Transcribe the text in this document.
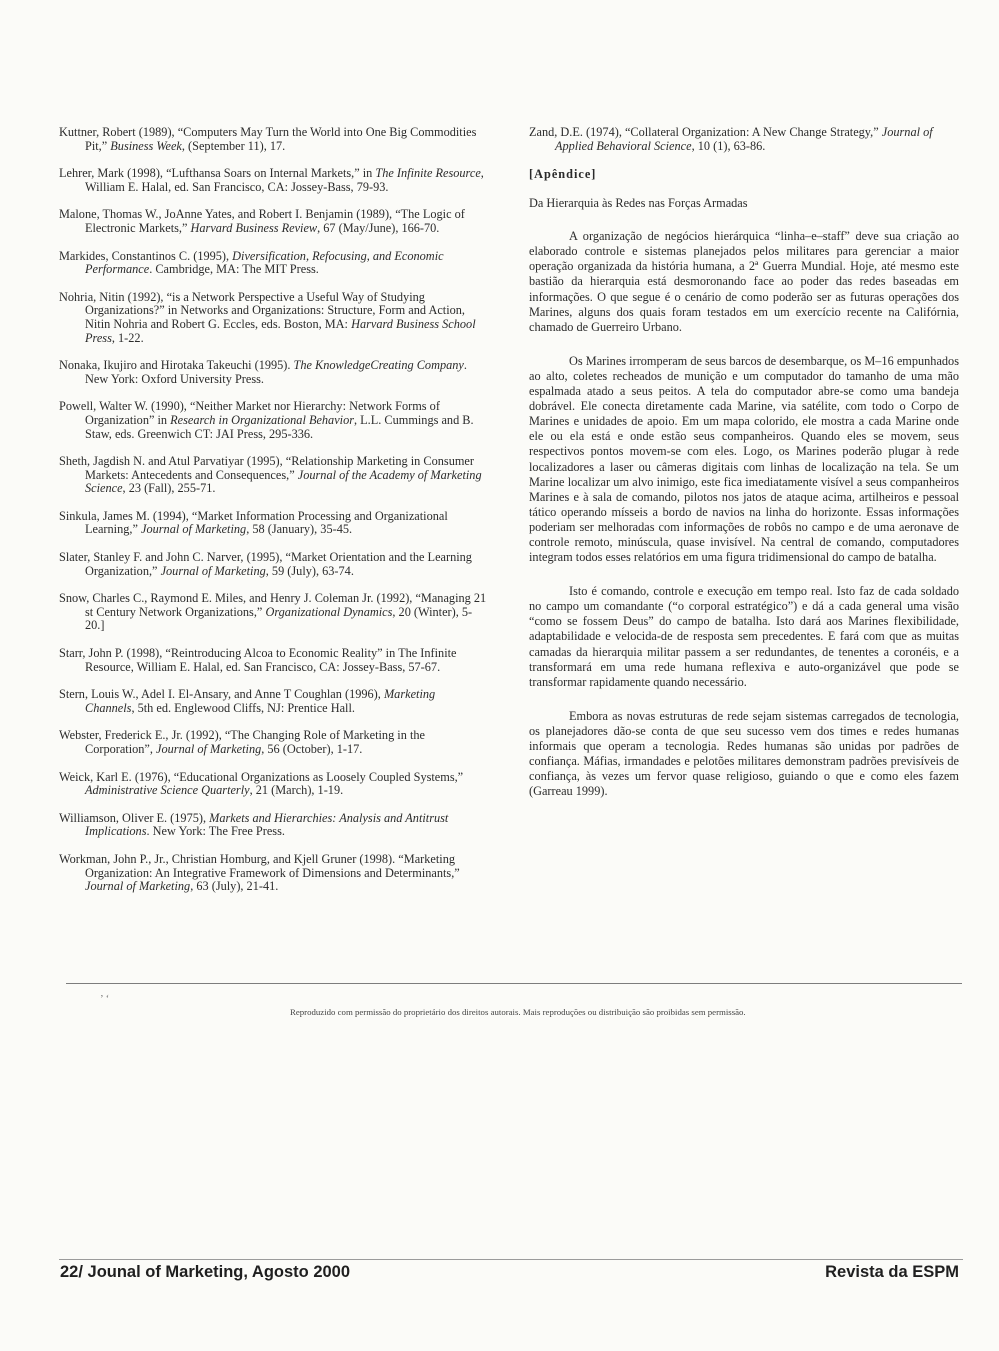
Kuttner, Robert (1989), “Computers May Turn the World into One Big Commodities Pit,” Business Week, (September 11), 17.
Lehrer, Mark (1998), “Lufthansa Soars on Internal Markets,” in The Infinite Resource, William E. Halal, ed. San Francisco, CA: Jossey-Bass, 79-93.
Malone, Thomas W., JoAnne Yates, and Robert I. Benjamin (1989), “The Logic of Electronic Markets,” Harvard Business Review, 67 (May/June), 166-70.
Markides, Constantinos C. (1995), Diversification, Refocusing, and Economic Performance. Cambridge, MA: The MIT Press.
Nohria, Nitin (1992), “is a Network Perspective a Useful Way of Studying Organizations?” in Networks and Organizations: Structure, Form and Action, Nitin Nohria and Robert G. Eccles, eds. Boston, MA: Harvard Business School Press, 1-22.
Nonaka, Ikujiro and Hirotaka Takeuchi (1995). The KnowledgeCreating Company. New York: Oxford University Press.
Powell, Walter W. (1990), “Neither Market nor Hierarchy: Network Forms of Organization” in Research in Organizational Behavior, L.L. Cummings and B. Staw, eds. Greenwich CT: JAI Press, 295-336.
Sheth, Jagdish N. and Atul Parvatiyar (1995), “Relationship Marketing in Consumer Markets: Antecedents and Consequences,” Journal of the Academy of Marketing Science, 23 (Fall), 255-71.
Sinkula, James M. (1994), “Market Information Processing and Organizational Learning,” Journal of Marketing, 58 (January), 35-45.
Slater, Stanley F. and John C. Narver, (1995), “Market Orientation and the Learning Organization,” Journal of Marketing, 59 (July), 63-74.
Snow, Charles C., Raymond E. Miles, and Henry J. Coleman Jr. (1992), “Managing 21 st Century Network Organizations,” Organizational Dynamics, 20 (Winter), 5-20.]
Starr, John P. (1998), “Reintroducing Alcoa to Economic Reality” in The Infinite Resource, William E. Halal, ed. San Francisco, CA: Jossey-Bass, 57-67.
Stern, Louis W., Adel I. El-Ansary, and Anne T Coughlan (1996), Marketing Channels, 5th ed. Englewood Cliffs, NJ: Prentice Hall.
Webster, Frederick E., Jr. (1992), “The Changing Role of Marketing in the Corporation”, Journal of Marketing, 56 (October), 1-17.
Weick, Karl E. (1976), “Educational Organizations as Loosely Coupled Systems,” Administrative Science Quarterly, 21 (March), 1-19.
Williamson, Oliver E. (1975), Markets and Hierarchies: Analysis and Antitrust Implications. New York: The Free Press.
Workman, John P., Jr., Christian Homburg, and Kjell Gruner (1998). “Marketing Organization: An Integrative Framework of Dimensions and Determinants,” Journal of Marketing, 63 (July), 21-41.
Zand, D.E. (1974), “Collateral Organization: A New Change Strategy,” Journal of Applied Behavioral Science, 10 (1), 63-86.
[Apêndice]
Da Hierarquia às Redes nas Forças Armadas

A organização de negócios hierárquica “linha–e–staff” deve sua criação ao elaborado controle e sistemas planejados pelos militares para gerenciar a maior operação organizada da história humana, a 2ª Guerra Mundial. Hoje, até mesmo este bastião da hierarquia está desmoronando face ao poder das redes baseadas em informações. O que segue é o cenário de como poderão ser as futuras operações dos Marines, alguns dos quais foram testados em um exercício recente na Califórnia, chamado de Guerreiro Urbano.

Os Marines irromperam de seus barcos de desembarque, os M–16 empunhados ao alto, coletes recheados de munição e um computador do tamanho de uma mão espalmada atado a seus peitos. A tela do computador abre-se como uma bandeja dobrável. Ele conecta diretamente cada Marine, via satélite, com todo o Corpo de Marines e unidades de apoio. Em um mapa colorido, ele mostra a cada Marine onde ele ou ela está e onde estão seus companheiros. Quando eles se movem, seus respectivos pontos movem-se com eles. Logo, os Marines poderão plugar à rede localizadores a laser ou câmeras digitais com linhas de localização na tela. Se um Marine localizar um alvo inimigo, este fica imediatamente visível a seus companheiros Marines e à sala de comando, pilotos nos jatos de ataque acima, artilheiros e pessoal tático operando mísseis a bordo de navios na linha do horizonte. Essas informações poderiam ser melhoradas com informações de robôs no campo e de uma aeronave de controle remoto, minúscula, quase invisível. Na central de comando, computadores integram todos esses relatórios em uma figura tridimensional do campo de batalha.

Isto é comando, controle e execução em tempo real. Isto faz de cada soldado no campo um comandante (“o corporal estratégico”) e dá a cada general uma visão “como se fossem Deus” do campo de batalha. Isto dará aos Marines flexibilidade, adaptabilidade e velocida-de de resposta sem precedentes. E fará com que as muitas camadas da hierarquia militar passem a ser redundantes, de tenentes a coronéis, e a transformará em uma rede humana reflexiva e auto-organizável que pode se transformar rapidamente quando necessário.

Embora as novas estruturas de rede sejam sistemas carregados de tecnologia, os planejadores dão-se conta de que seu sucesso vem dos times e redes humanas informais que operam a tecnologia. Redes humanas são unidas por padrões de confiança. Máfias, irmandades e pelotões militares demonstram padrões previsíveis de confiança, às vezes um fervor quase religioso, guiando o que e como eles fazem (Garreau 1999).

’ ‘
Reproduzido com permissão do proprietário dos direitos autorais. Mais reproduções ou distribuição são proibidas sem permissão.
22/ Jounal of Marketing, Agosto 2000	Revista da ESPM
